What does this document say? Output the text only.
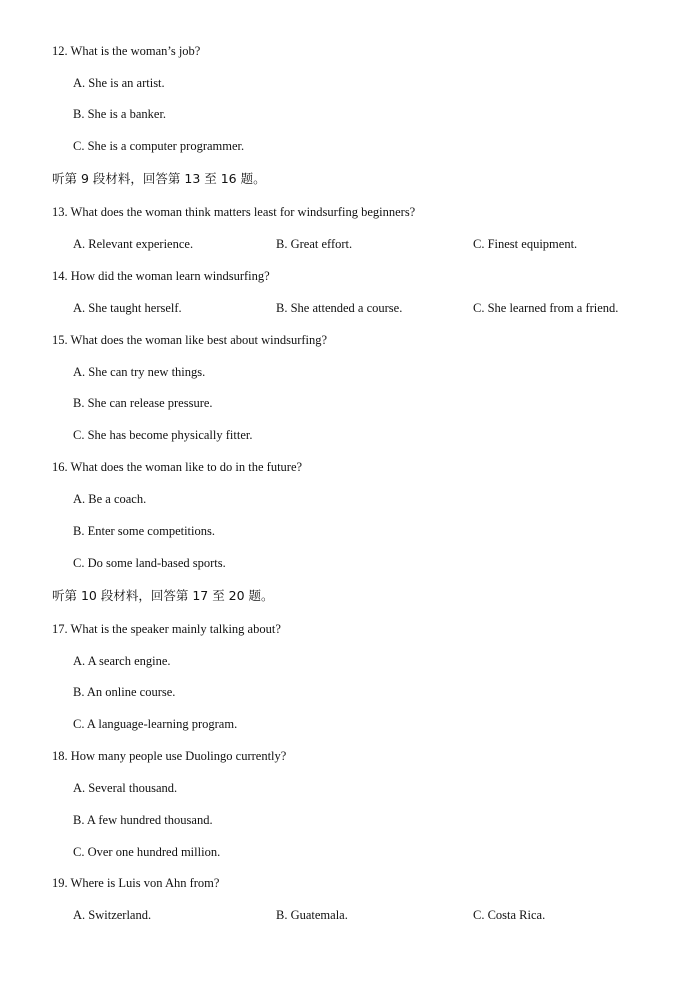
12. What is the woman’s job?
A. She is an artist.
B. She is a banker.
C. She is a computer programmer.
听第 9 段材料，回答第 13 至 16 题。
13. What does the woman think matters least for windsurfing beginners?
A. Relevant experience.	B. Great effort.	C. Finest equipment.
14. How did the woman learn windsurfing?
A. She taught herself.	B. She attended a course.	C. She learned from a friend.
15. What does the woman like best about windsurfing?
A. She can try new things.
B. She can release pressure.
C. She has become physically fitter.
16. What does the woman like to do in the future?
A. Be a coach.
B. Enter some competitions.
C. Do some land-based sports.
听第 10 段材料，回答第 17 至 20 题。
17. What is the speaker mainly talking about?
A. A search engine.
B. An online course.
C. A language-learning program.
18. How many people use Duolingo currently?
A. Several thousand.
B. A few hundred thousand.
C. Over one hundred million.
19. Where is Luis von Ahn from?
A. Switzerland.	B. Guatemala.	C. Costa Rica.
